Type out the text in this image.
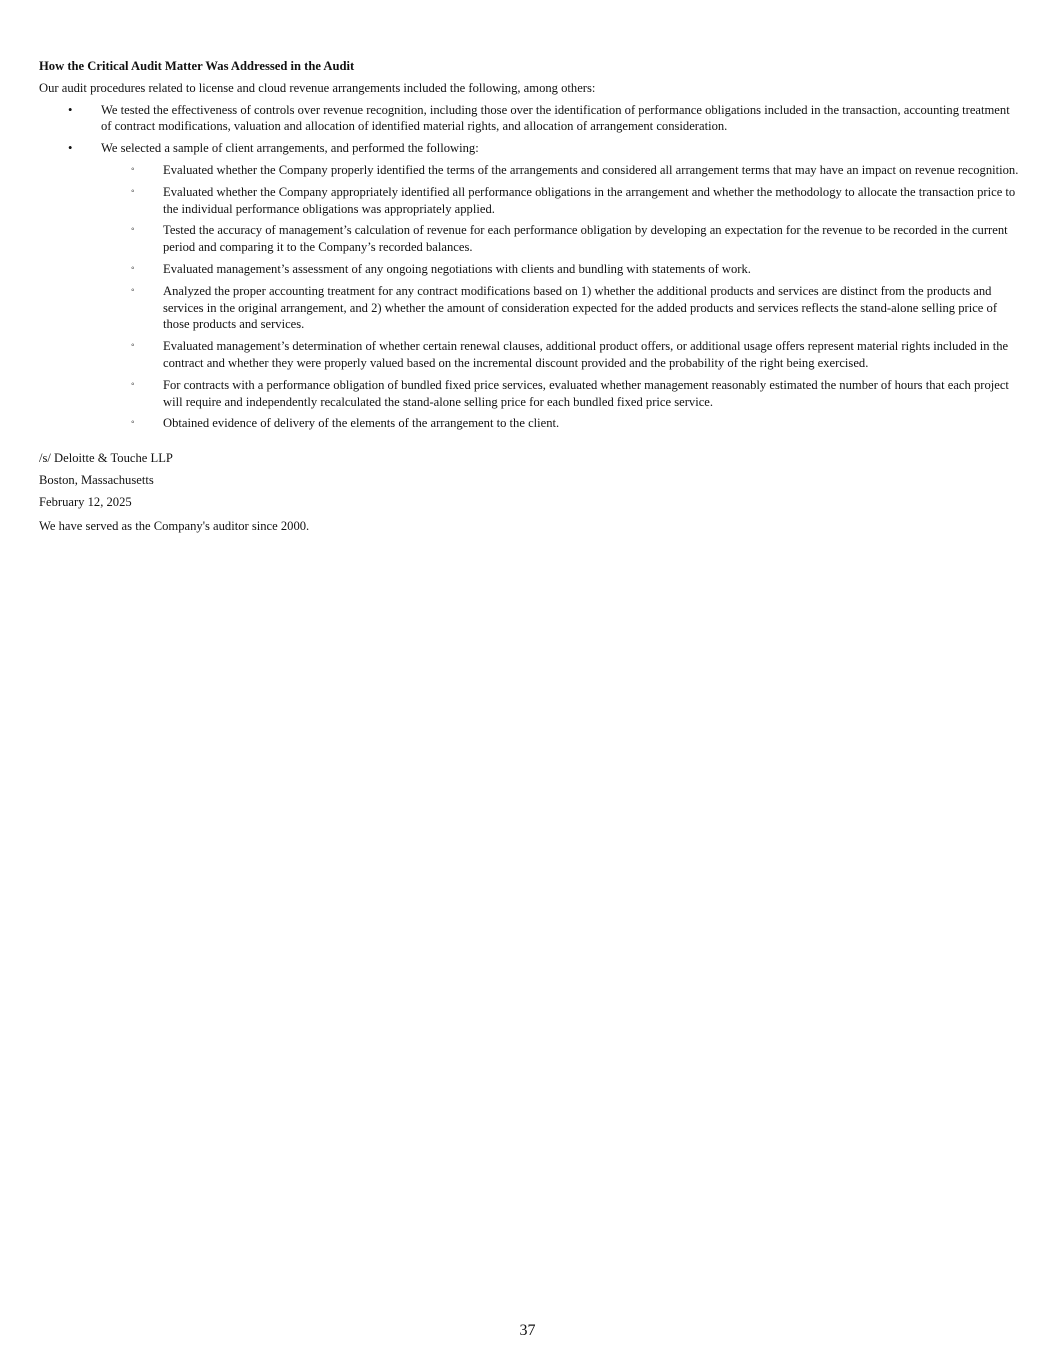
How the Critical Audit Matter Was Addressed in the Audit

Our audit procedures related to license and cloud revenue arrangements included the following, among others:

• We tested the effectiveness of controls over revenue recognition, including those over the identification of performance obligations included in the transaction, accounting treatment of contract modifications, valuation and allocation of identified material rights, and allocation of arrangement consideration.
• We selected a sample of client arrangements, and performed the following:
◦ Evaluated whether the Company properly identified the terms of the arrangements and considered all arrangement terms that may have an impact on revenue recognition.
◦ Evaluated whether the Company appropriately identified all performance obligations in the arrangement and whether the methodology to allocate the transaction price to the individual performance obligations was appropriately applied.
◦ Tested the accuracy of management’s calculation of revenue for each performance obligation by developing an expectation for the revenue to be recorded in the current period and comparing it to the Company’s recorded balances.
◦ Evaluated management’s assessment of any ongoing negotiations with clients and bundling with statements of work.
◦ Analyzed the proper accounting treatment for any contract modifications based on 1) whether the additional products and services are distinct from the products and services in the original arrangement, and 2) whether the amount of consideration expected for the added products and services reflects the stand-alone selling price of those products and services.
◦ Evaluated management’s determination of whether certain renewal clauses, additional product offers, or additional usage offers represent material rights included in the contract and whether they were properly valued based on the incremental discount provided and the probability of the right being exercised.
◦ For contracts with a performance obligation of bundled fixed price services, evaluated whether management reasonably estimated the number of hours that each project will require and independently recalculated the stand-alone selling price for each bundled fixed price service.
◦ Obtained evidence of delivery of the elements of the arrangement to the client.

/s/ Deloitte & Touche LLP

Boston, Massachusetts

February 12, 2025

We have served as the Company's auditor since 2000.

37
